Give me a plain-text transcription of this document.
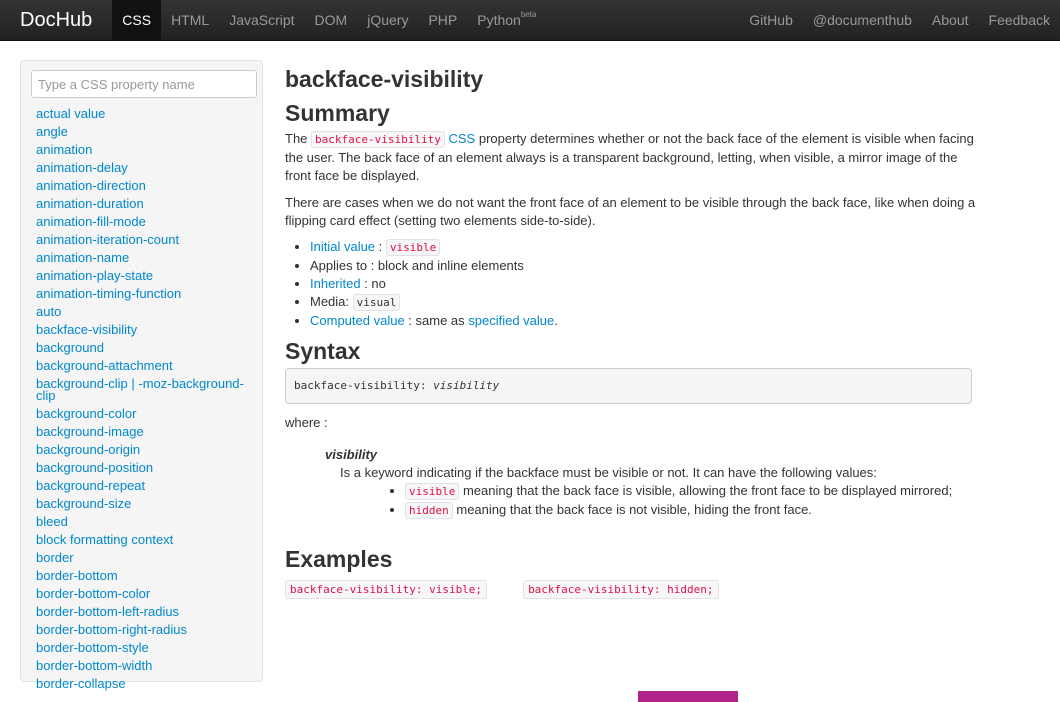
DocHub	CSS	HTML	JavaScript	DOM	jQuery	PHP	Python$^{beta}$	GitHub	@documenthub	About	Feedback
Type a CSS property name
actual value
angle
animation
animation-delay
animation-direction
animation-duration
animation-fill-mode
animation-iteration-count
animation-name
animation-play-state
animation-timing-function
auto
backface-visibility
background
background-attachment
background-clip | -moz-background-clip
background-color
background-image
background-origin
background-position
background-repeat
background-size
bleed
block formatting context
border
border-bottom
border-bottom-color
border-bottom-left-radius
border-bottom-right-radius
border-bottom-style
border-bottom-width
border-collapse
backface-visibility
Summary

The backface-visibility CSS property determines whether or not the back face of the element is visible when facing the user. The back face of an element always is a transparent background, letting, when visible, a mirror image of the front face be displayed.

There are cases when we do not want the front face of an element to be visible through the back face, like when doing a flipping card effect (setting two elements side-to-side).

• Initial value : visible
• Applies to : block and inline elements
• Inherited : no
• Media: visual
• Computed value : same as specified value.
Syntax
backface-visibility: visibility

where :

visibility
Is a keyword indicating if the backface must be visible or not. It can have the following values:
• visible meaning that the back face is visible, allowing the front face to be displayed mirrored;
• hidden meaning that the back face is not visible, hiding the front face.
Examples
backface-visibility: visible;	backface-visibility: hidden;
